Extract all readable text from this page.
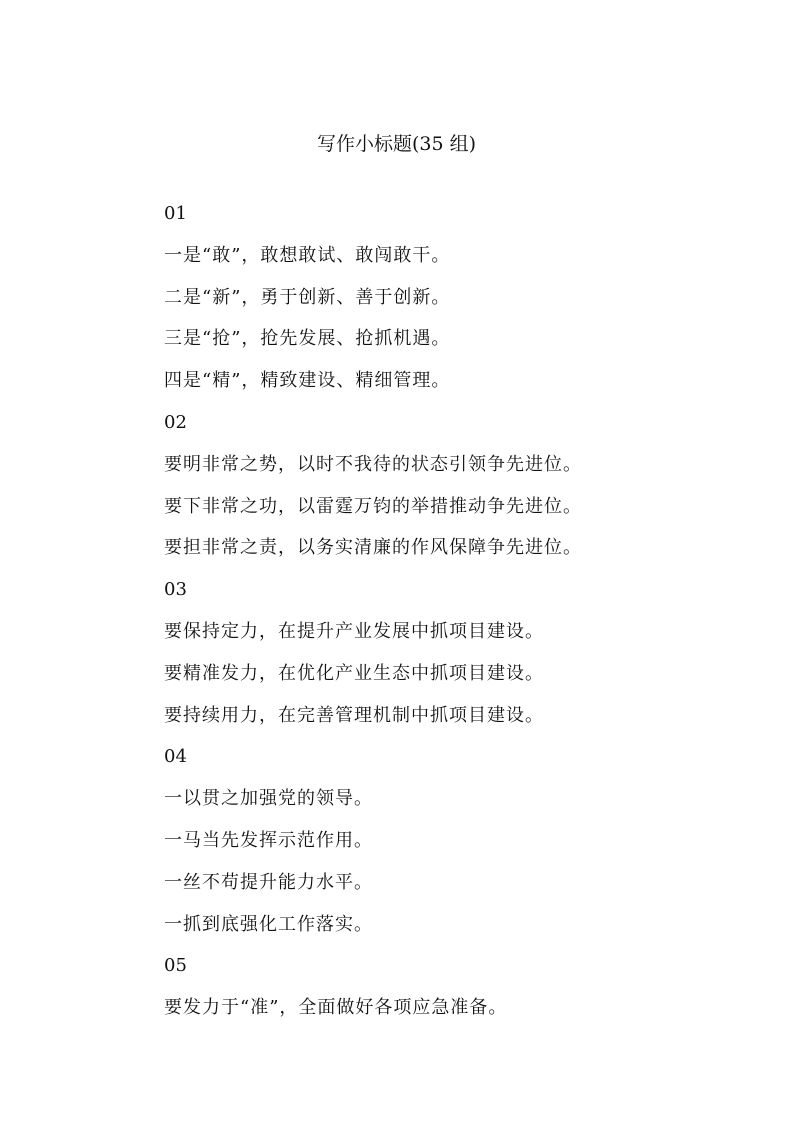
写作小标题(35 组)
01
一是“敢”，敢想敢试、敢闯敢干。
二是“新”，勇于创新、善于创新。
三是“抢”，抢先发展、抢抓机遇。
四是“精”，精致建设、精细管理。
02
要明非常之势，以时不我待的状态引领争先进位。
要下非常之功，以雷霆万钧的举措推动争先进位。
要担非常之责，以务实清廉的作风保障争先进位。
03
要保持定力，在提升产业发展中抓项目建设。
要精准发力，在优化产业生态中抓项目建设。
要持续用力，在完善管理机制中抓项目建设。
04
一以贯之加强党的领导。
一马当先发挥示范作用。
一丝不苟提升能力水平。
一抓到底强化工作落实。
05
要发力于“准”，全面做好各项应急准备。
